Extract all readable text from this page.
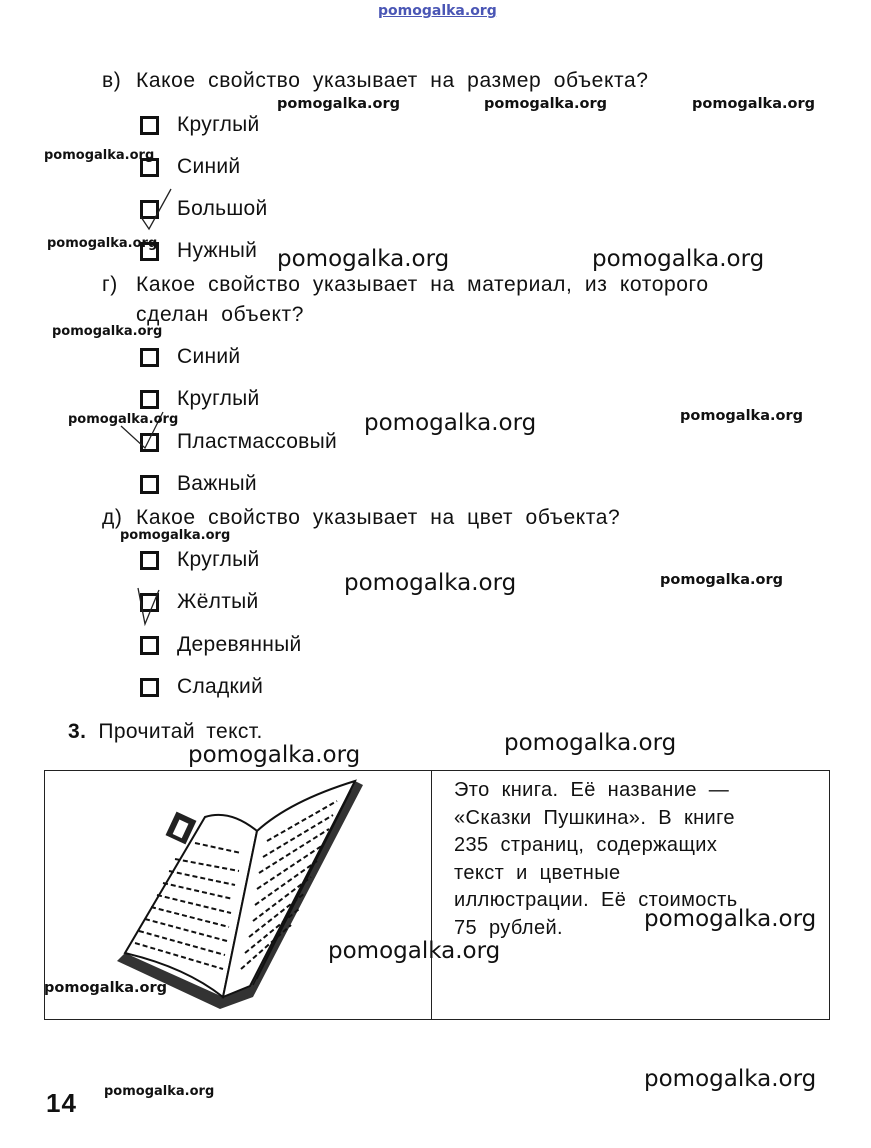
pomogalka.org
в) Какое свойство указывает на размер объекта?
Круглый
Синий
Большой
Нужный
г) Какое свойство указывает на материал, из которого
сделан объект?
Синий
Круглый
Пластмассовый
Важный
д) Какое свойство указывает на цвет объекта?
Круглый
Жёлтый
Деревянный
Сладкий
3. Прочитай текст.
Это книга. Её название —
«Сказки Пушкина». В книге
235 страниц, содержащих
текст и цветные
иллюстрации. Её стоимость
75 рублей.
14
pomogalka.org	pomogalka.org	pomogalka.org
pomogalka.org
pomogalka.org
pomogalka.org	pomogalka.org
pomogalka.org
pomogalka.org	pomogalka.org	pomogalka.org
pomogalka.org
pomogalka.org	pomogalka.org
pomogalka.org
pomogalka.org
pomogalka.org
pomogalka.org
pomogalka.org
pomogalka.org	pomogalka.org
